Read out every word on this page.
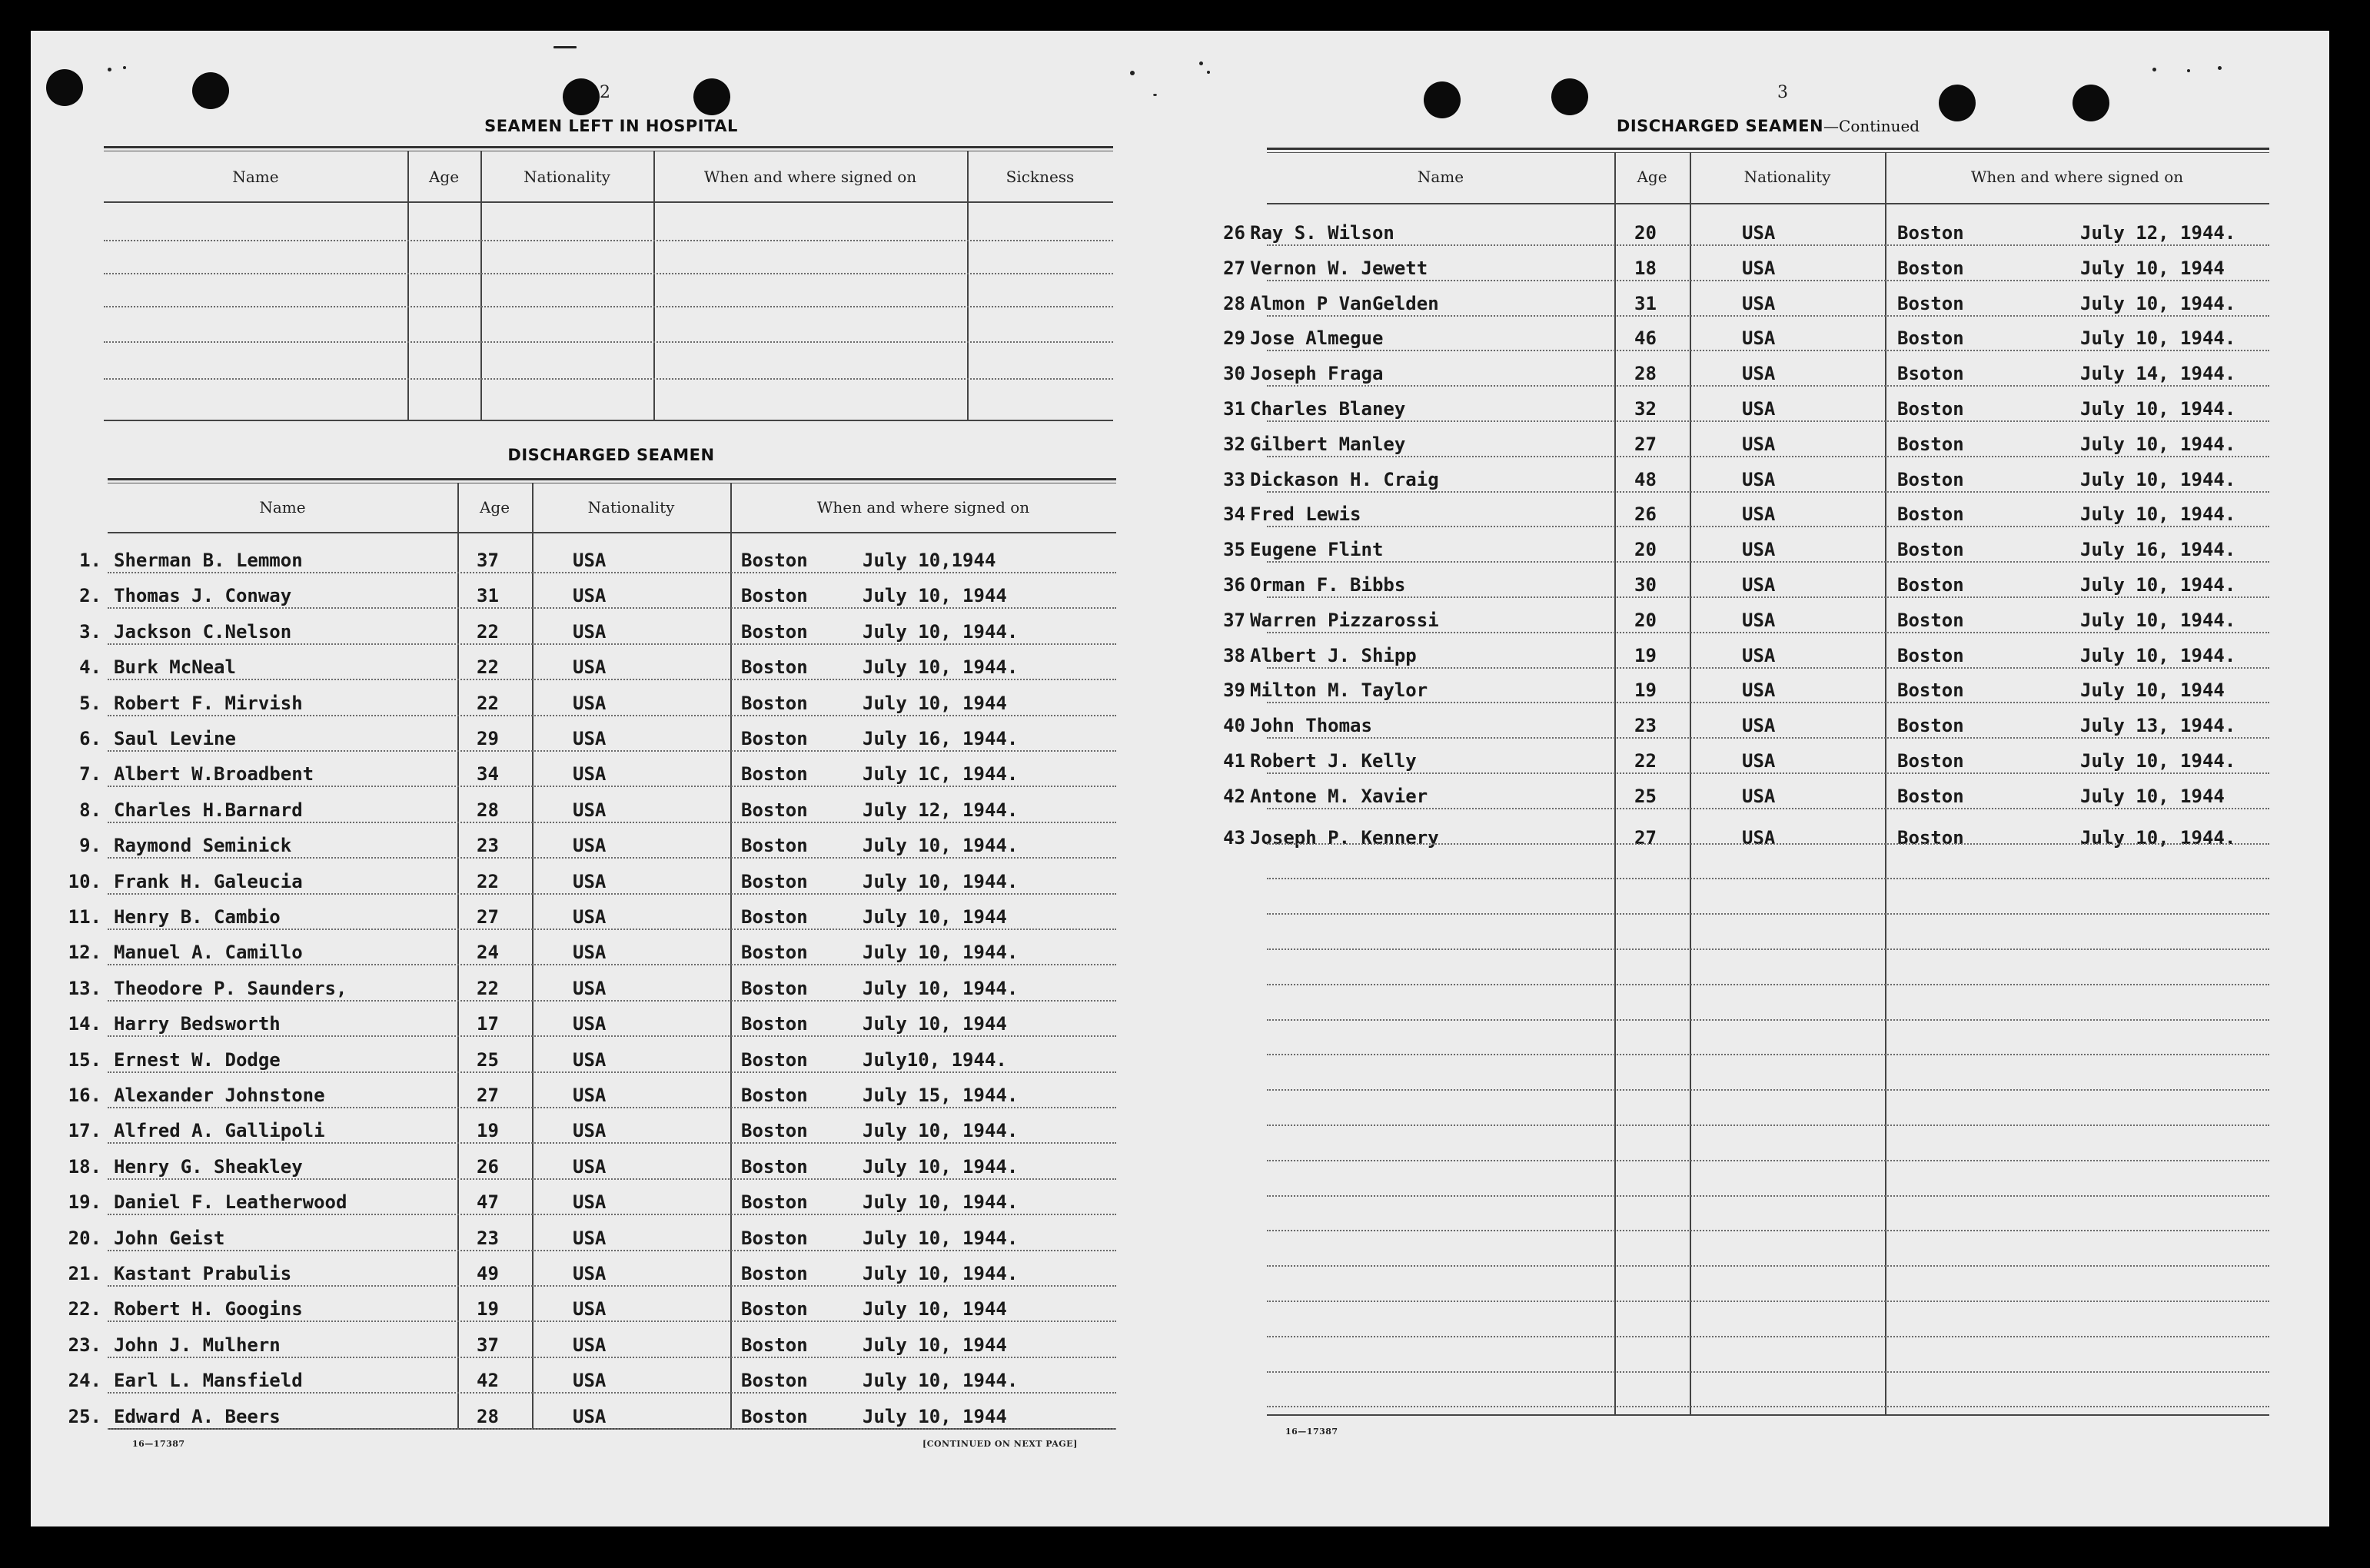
2
SEAMEN LEFT IN HOSPITAL
Name	Age	Nationality	When and where signed on	Sickness
DISCHARGED SEAMEN
Name	Age	Nationality	When and where signed on
1. Sherman B. Lemmon	37	USA	Boston	July 10,1944
2. Thomas J. Conway	31	USA	Boston	July 10, 1944
3. Jackson C.Nelson	22	USA	Boston	July 10, 1944.
4. Burk McNeal	22	USA	Boston	July 10, 1944.
5. Robert F. Mirvish	22	USA	Boston	July 10, 1944
6. Saul Levine	29	USA	Boston	July 16, 1944.
7. Albert W.Broadbent	34	USA	Boston	July 1C, 1944.
8. Charles H.Barnard	28	USA	Boston	July 12, 1944.
9. Raymond Seminick	23	USA	Boston	July 10, 1944.
10. Frank H. Galeucia	22	USA	Boston	July 10, 1944.
11. Henry B. Cambio	27	USA	Boston	July 10, 1944
12. Manuel A. Camillo	24	USA	Boston	July 10, 1944.
13. Theodore P. Saunders,	22	USA	Boston	July 10, 1944.
14. Harry Bedsworth	17	USA	Boston	July 10, 1944
15. Ernest W. Dodge	25	USA	Boston	July10, 1944.
16. Alexander Johnstone	27	USA	Boston	July 15, 1944.
17. Alfred A. Gallipoli	19	USA	Boston	July 10, 1944.
18. Henry G. Sheakley	26	USA	Boston	July 10, 1944.
19. Daniel F. Leatherwood	47	USA	Boston	July 10, 1944.
20. John Geist	23	USA	Boston	July 10, 1944.
21. Kastant Prabulis	49	USA	Boston	July 10, 1944.
22. Robert H. Googins	19	USA	Boston	July 10, 1944
23. John J. Mulhern	37	USA	Boston	July 10, 1944
24. Earl L. Mansfield	42	USA	Boston	July 10, 1944.
25. Edward A. Beers	28	USA	Boston	July 10, 1944
16—17387	[CONTINUED ON NEXT PAGE]
3
DISCHARGED SEAMEN—Continued
Name	Age	Nationality	When and where signed on
26 Ray S. Wilson	20	USA	Boston	July 12, 1944.
27 Vernon W. Jewett	18	USA	Boston	July 10, 1944
28 Almon P VanGelden	31	USA	Boston	July 10, 1944.
29 Jose Almegue	46	USA	Boston	July 10, 1944.
30 Joseph Fraga	28	USA	Bsoton	July 14, 1944.
31 Charles Blaney	32	USA	Boston	July 10, 1944.
32 Gilbert Manley	27	USA	Boston	July 10, 1944.
33 Dickason H. Craig	48	USA	Boston	July 10, 1944.
34 Fred Lewis	26	USA	Boston	July 10, 1944.
35 Eugene Flint	20	USA	Boston	July 16, 1944.
36 Orman F. Bibbs	30	USA	Boston	July 10, 1944.
37 Warren Pizzarossi	20	USA	Boston	July 10, 1944.
38 Albert J. Shipp	19	USA	Boston	July 10, 1944.
39 Milton M. Taylor	19	USA	Boston	July 10, 1944
40 John Thomas	23	USA	Boston	July 13, 1944.
41 Robert J. Kelly	22	USA	Boston	July 10, 1944.
42 Antone M. Xavier	25	USA	Boston	July 10, 1944
43 Joseph P. Kennery	27	USA	Boston	July 10, 1944.
16—17387
